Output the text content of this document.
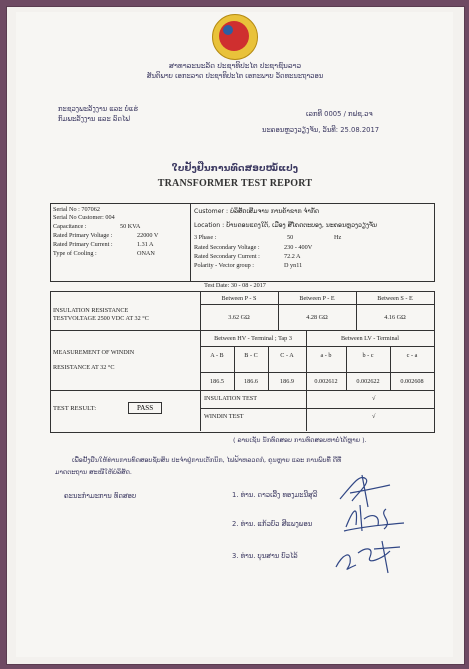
ສາທາລະນະລັດ ປະຊາທິປະໄຕ ປະຊາຊົນລາວ
ສັນຕິພາບ ເອກະລາດ ປະຊາທິປະໄຕ ເອກະພາບ ວັດທະນະຖາວອນ
ກະຊວງພະລັງງານ ແລະ ບໍ່ແຮ່
ກົມພະລັງງານ ແລະ ລົດໄຟ
ເລກທີ 0005 / ກຟຊ.ວຈ
ນະຄອນຫຼວງວຽງຈັນ, ວັນທີ: 25.08.2017
ໃບຢັ້ງຢືນການທົດສອບໝໍ້ແປງ
TRANSFORMER TEST REPORT
Serial No : 707062
Serial No Customer: 004
Capacitance :	50 KVA
Rated Primary Voltage :	22000 V
Rated Primary Current :	1.31 A
Type of Cooling :	ONAN
Customer : ບໍລິສັດເສີມຈານ ການຄ້າຂາກ ຈຳກັດ
Location : ບ້ານດອນແດງໃຕ້, ເມືອງ ສີໂຄດຕະບອງ, ນະຄອນຫຼວງວຽງຈັນ
3 Phase :	50	Hz
Rated Secondary Voltage :	230 - 400V
Rated Secondary Current :	72.2 A
Polarity - Vector group :	D yn11
Test Date: 30 - 08 - 2017
INSULATION RESISTANCE
TESTVOLTAGE 2500 VDC AT 32 °C
Between P - S	Between P - E	Between S - E
3.62 GΩ	4.28 GΩ	4.16 GΩ
MEASUREMENT OF WINDIN
RESISTANCE AT 32 °C
Between HV - Terminal ; Tap 3	Between LV - Terminal
A - B	B - C	C - A	a - b	b - c	c - a
186.5	186.6	186.9	0.002612	0.002622	0.002608
TEST RESULT:	PASS
INSULATION TEST
WINDIN TEST
√
√
( ລາຍເຊັນ ນັກທົດສອບ ການທົດສອບຫາບໍ່ໄດ້ຫຼາຍ ).
ເພື່ອຢັ້ງຢືນໃຫ້ທ່ານການທົດສອບຊັບສິນ ປະຈຳຢູ່ການເຕັກນິກ, ໄຟຟ້າຫລວດກໍ, ຄຸນຫຼາຍ ແລະ ການພົບທີ່ ດີທີ່
ມາດຕະຖານ ສະໜີໃຫ້ບໍລິສັດ.
ຄະນະກຳມະການ ທົດສອບ	1. ທ່ານ. ດາວເລີ້ງ ທອງມະນີສຸລີ
2. ທ່ານ. ແກ້ວບົວ ສີແພງພອນ
3. ທ່ານ. ບຸນສານ ບົວໄລ້
